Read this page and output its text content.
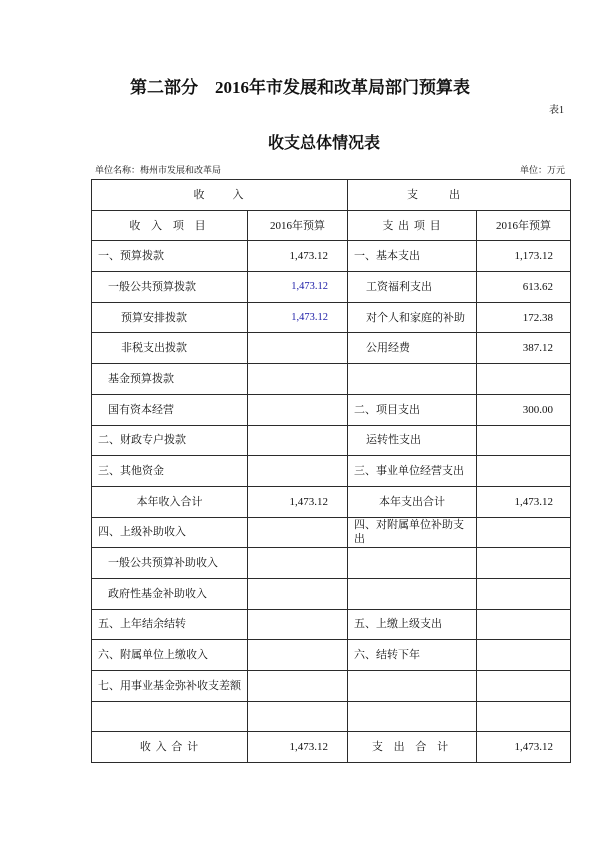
第二部分　2016年市发展和改革局部门预算表
表1
收支总体情况表
单位名称：梅州市发展和改革局	单位：万元
收　　入		支　　出	
收 入 项 目	2016年预算	支 出 项 目	2016年预算
一、预算拨款	1,473.12	一、基本支出	1,173.12
一般公共预算拨款	1,473.12	工资福利支出	613.62
预算安排拨款	1,473.12	对个人和家庭的补助	172.38
非税支出拨款		公用经费	387.12
基金预算拨款			
国有资本经营		二、项目支出	300.00
二、财政专户拨款		运转性支出	
三、其他资金		三、事业单位经营支出	
本年收入合计	1,473.12	本年支出合计	1,473.12
四、上级补助收入		四、对附属单位补助支出	
一般公共预算补助收入			
政府性基金补助收入			
五、上年结余结转		五、上缴上级支出	
六、附属单位上缴收入		六、结转下年	
七、用事业基金弥补收支差额			

收 入 合 计	1,473.12	支 出 合 计	1,473.12
